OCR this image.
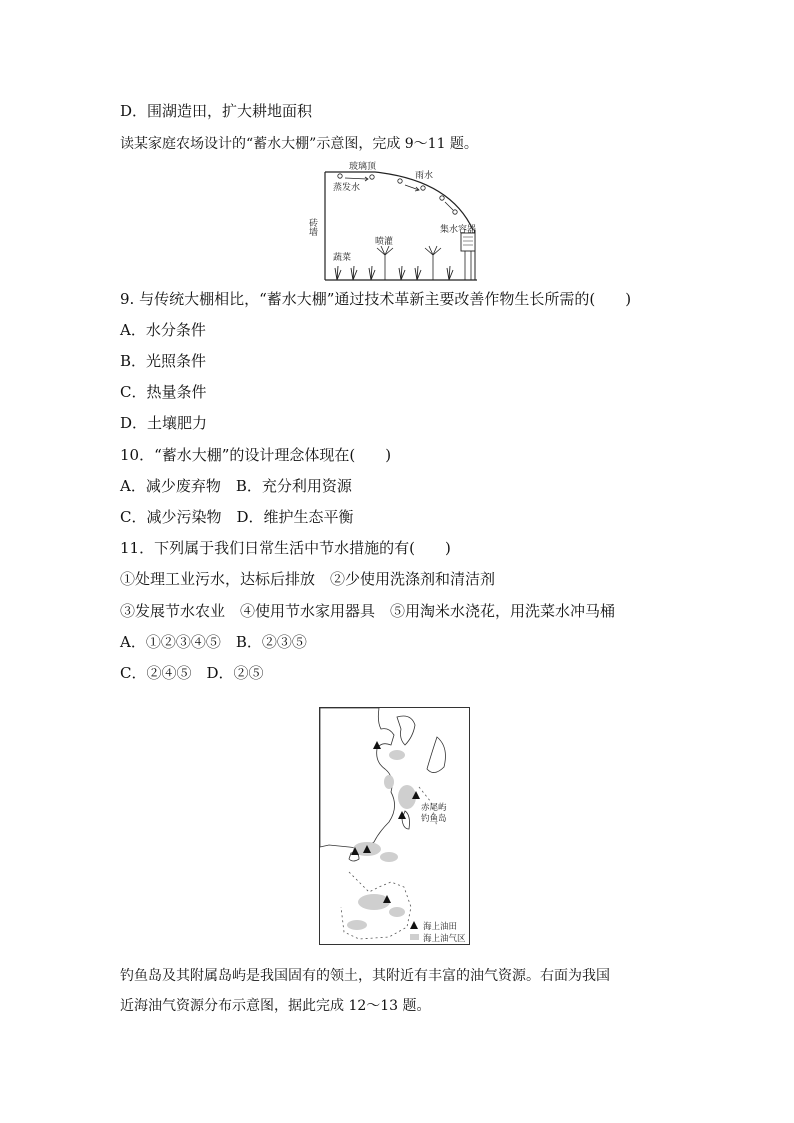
D．围湖造田，扩大耕地面积
读某家庭农场设计的“蓄水大棚”示意图，完成 9～11 题。
玻璃顶
蒸发水
雨水
砖墙
喷灌
集水容器
蔬菜
9. 与传统大棚相比，“蓄水大棚”通过技术革新主要改善作物生长所需的(　　)
A．水分条件
B．光照条件
C．热量条件
D．土壤肥力
10．“蓄水大棚”的设计理念体现在(　　)
A．减少废弃物　B．充分利用资源
C．减少污染物　D．维护生态平衡
11．下列属于我们日常生活中节水措施的有(　　)
①处理工业污水，达标后排放　②少使用洗涤剂和清洁剂
③发展节水农业　④使用节水家用器具　⑤用淘米水浇花，用洗菜水冲马桶
A．①②③④⑤　B．②③⑤
C．②④⑤　D．②⑤
赤尾屿钓鱼岛
海上油田
海上油气区
钓鱼岛及其附属岛屿是我国固有的领土，其附近有丰富的油气资源。右面为我国
近海油气资源分布示意图，据此完成 12～13 题。
